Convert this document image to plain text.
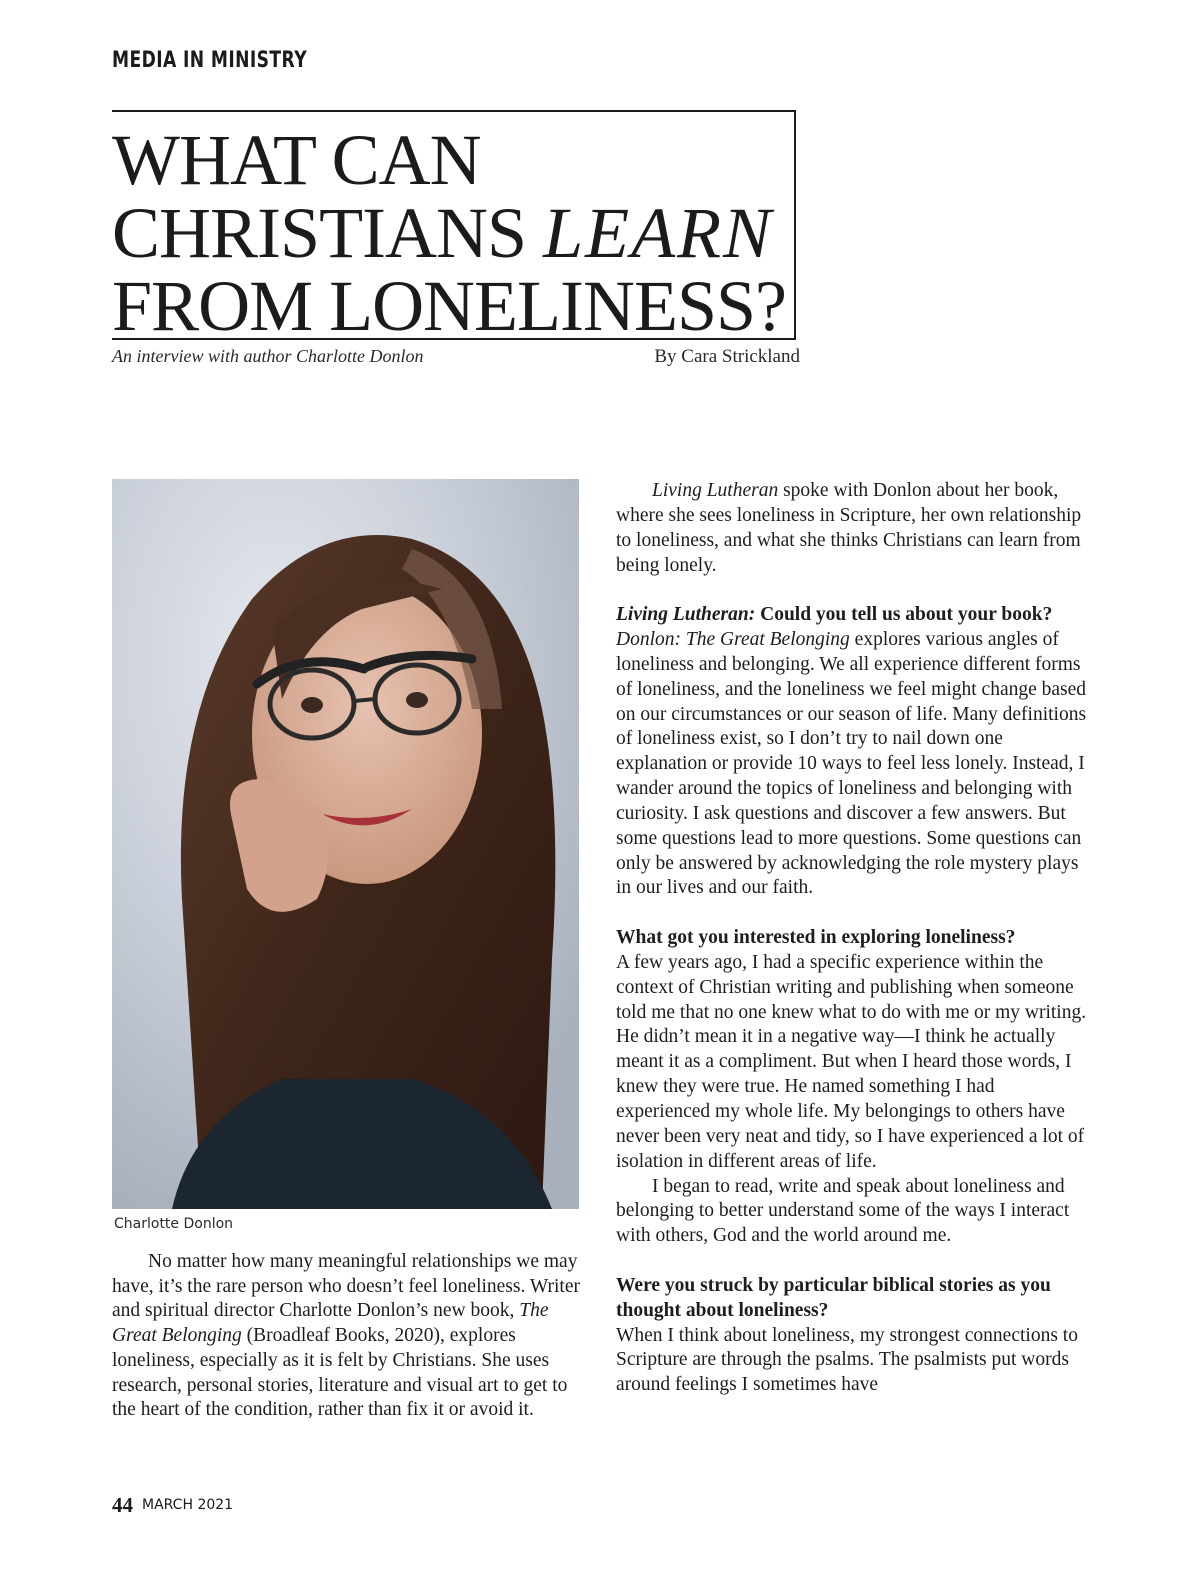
MEDIA IN MINISTRY
WHAT CAN
CHRISTIANS LEARN
FROM LONELINESS?
An interview with author Charlotte Donlon	By Cara Strickland
Charlotte Donlon

No matter how many meaningful relationships we may have, it’s the rare person who doesn’t feel loneliness. Writer and spiritual director Charlotte Donlon’s new book, The Great Belonging (Broadleaf Books, 2020), explores loneliness, especially as it is felt by Christians. She uses research, personal stories, literature and visual art to get to the heart of the condition, rather than fix it or avoid it.

Living Lutheran spoke with Donlon about her book, where she sees loneliness in Scripture, her own relationship to loneliness, and what she thinks Christians can learn from being lonely.

Living Lutheran: Could you tell us about your book?

Donlon: The Great Belonging explores various angles of loneliness and belonging. We all experience different forms of loneliness, and the loneliness we feel might change based on our circumstances or our season of life. Many definitions of loneliness exist, so I don’t try to nail down one explanation or provide 10 ways to feel less lonely. Instead, I wander around the topics of loneliness and belonging with curiosity. I ask questions and discover a few answers. But some questions lead to more questions. Some questions can only be answered by acknowledging the role mystery plays in our lives and our faith.

What got you interested in exploring loneliness?

A few years ago, I had a specific experience within the context of Christian writing and publishing when someone told me that no one knew what to do with me or my writing. He didn’t mean it in a negative way—I think he actually meant it as a compliment. But when I heard those words, I knew they were true. He named something I had experienced my whole life. My belongings to others have never been very neat and tidy, so I have experienced a lot of isolation in different areas of life.

I began to read, write and speak about loneliness and belonging to better understand some of the ways I interact with others, God and the world around me.

Were you struck by particular biblical stories as you thought about loneliness?

When I think about loneliness, my strongest connections to Scripture are through the psalms. The psalmists put words around feelings I sometimes have

44 MARCH 2021
